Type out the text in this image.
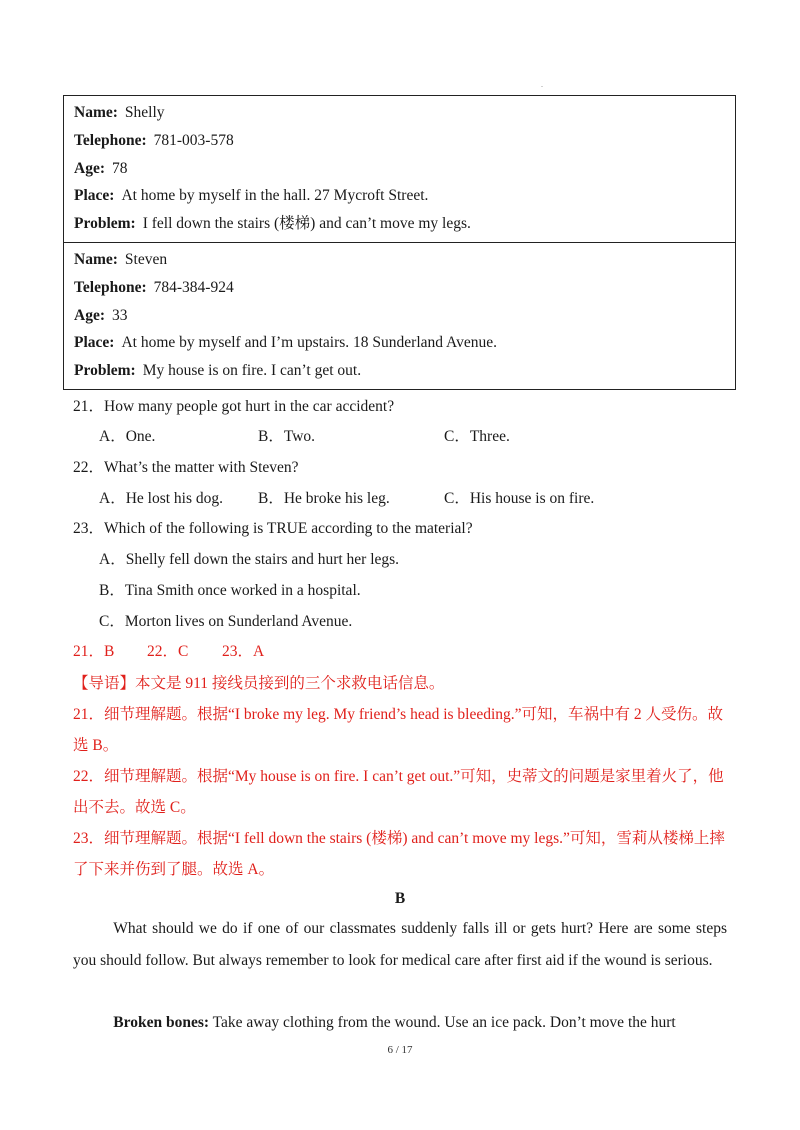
.
Name: Shelly
Telephone: 781-003-578
Age: 78
Place: At home by myself in the hall. 27 Mycroft Street.
Problem: I fell down the stairs (楼梯) and can’t move my legs.
Name: Steven
Telephone: 784-384-924
Age: 33
Place: At home by myself and I’m upstairs. 18 Sunderland Avenue.
Problem: My house is on fire. I can’t get out.
21．How many people got hurt in the car accident?
A．One.	B．Two.	C．Three.
22．What’s the matter with Steven?
A．He lost his dog. B．He broke his leg.	C．His house is on fire.
23．Which of the following is TRUE according to the material?
A．Shelly fell down the stairs and hurt her legs.
B．Tina Smith once worked in a hospital.
C．Morton lives on Sunderland Avenue.
21．B 22．C 23．A
【导语】本文是 911 接线员接到的三个求救电话信息。
21．细节理解题。根据“I broke my leg. My friend’s head is bleeding.”可知，车祸中有 2 人受伤。故选 B。
22．细节理解题。根据“My house is on fire. I can’t get out.”可知，史蒂文的问题是家里着火了，他出不去。故选 C。
23．细节理解题。根据“I fell down the stairs (楼梯) and can’t move my legs.”可知，雪莉从楼梯上摔了下来并伤到了腿。故选 A。
B
What should we do if one of our classmates suddenly falls ill or gets hurt? Here are some steps you should follow. But always remember to look for medical care after first aid if the wound is serious.
Broken bones: Take away clothing from the wound. Use an ice pack. Don’t move the hurt
6 / 17
